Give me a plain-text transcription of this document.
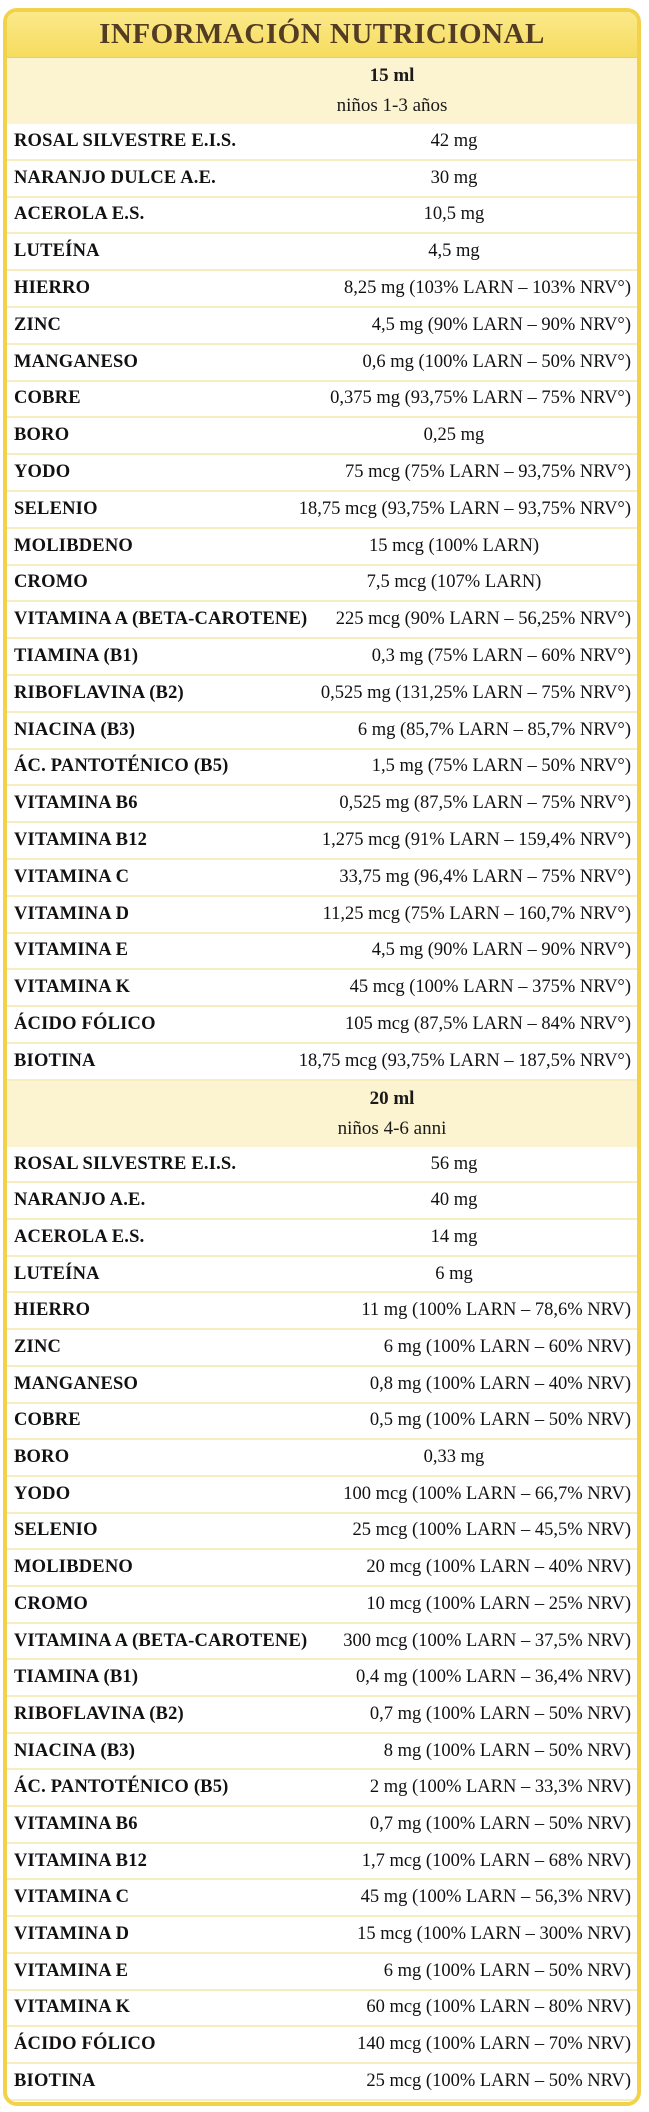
INFORMACIÓN NUTRICIONAL
15 ml
niños 1-3 años
ROSAL SILVESTRE E.I.S.	42 mg
NARANJO DULCE A.E.	30 mg
ACEROLA E.S.	10,5 mg
LUTEÍNA	4,5 mg
HIERRO	8,25 mg (103% LARN – 103% NRV°)
ZINC	4,5 mg (90% LARN – 90% NRV°)
MANGANESO	0,6 mg (100% LARN – 50% NRV°)
COBRE	0,375 mg (93,75% LARN – 75% NRV°)
BORO	0,25 mg
YODO	75 mcg (75% LARN – 93,75% NRV°)
SELENIO	18,75 mcg (93,75% LARN – 93,75% NRV°)
MOLIBDENO	15 mcg (100% LARN)
CROMO	7,5 mcg (107% LARN)
VITAMINA A (BETA-CAROTENE)	225 mcg (90% LARN – 56,25% NRV°)
TIAMINA (B1)	0,3 mg (75% LARN – 60% NRV°)
RIBOFLAVINA (B2)	0,525 mg (131,25% LARN – 75% NRV°)
NIACINA (B3)	6 mg (85,7% LARN – 85,7% NRV°)
ÁC. PANTOTÉNICO (B5)	1,5 mg (75% LARN – 50% NRV°)
VITAMINA B6	0,525 mg (87,5% LARN – 75% NRV°)
VITAMINA B12	1,275 mcg (91% LARN – 159,4% NRV°)
VITAMINA C	33,75 mg (96,4% LARN – 75% NRV°)
VITAMINA D	11,25 mcg (75% LARN – 160,7% NRV°)
VITAMINA E	4,5 mg (90% LARN – 90% NRV°)
VITAMINA K	45 mcg (100% LARN – 375% NRV°)
ÁCIDO FÓLICO	105 mcg (87,5% LARN – 84% NRV°)
BIOTINA	18,75 mcg (93,75% LARN – 187,5% NRV°)
20 ml
niños 4-6 anni
ROSAL SILVESTRE E.I.S.	56 mg
NARANJO A.E.	40 mg
ACEROLA E.S.	14 mg
LUTEÍNA	6 mg
HIERRO	11 mg (100% LARN – 78,6% NRV)
ZINC	6 mg (100% LARN – 60% NRV)
MANGANESO	0,8 mg (100% LARN – 40% NRV)
COBRE	0,5 mg (100% LARN – 50% NRV)
BORO	0,33 mg
YODO	100 mcg (100% LARN – 66,7% NRV)
SELENIO	25 mcg (100% LARN – 45,5% NRV)
MOLIBDENO	20 mcg (100% LARN – 40% NRV)
CROMO	10 mcg (100% LARN – 25% NRV)
VITAMINA A (BETA-CAROTENE)	300 mcg (100% LARN – 37,5% NRV)
TIAMINA (B1)	0,4 mg (100% LARN – 36,4% NRV)
RIBOFLAVINA (B2)	0,7 mg (100% LARN – 50% NRV)
NIACINA (B3)	8 mg (100% LARN – 50% NRV)
ÁC. PANTOTÉNICO (B5)	2 mg (100% LARN – 33,3% NRV)
VITAMINA B6	0,7 mg (100% LARN – 50% NRV)
VITAMINA B12	1,7 mcg (100% LARN – 68% NRV)
VITAMINA C	45 mg (100% LARN – 56,3% NRV)
VITAMINA D	15 mcg (100% LARN – 300% NRV)
VITAMINA E	6 mg (100% LARN – 50% NRV)
VITAMINA K	60 mcg (100% LARN – 80% NRV)
ÁCIDO FÓLICO	140 mcg (100% LARN – 70% NRV)
BIOTINA	25 mcg (100% LARN – 50% NRV)
